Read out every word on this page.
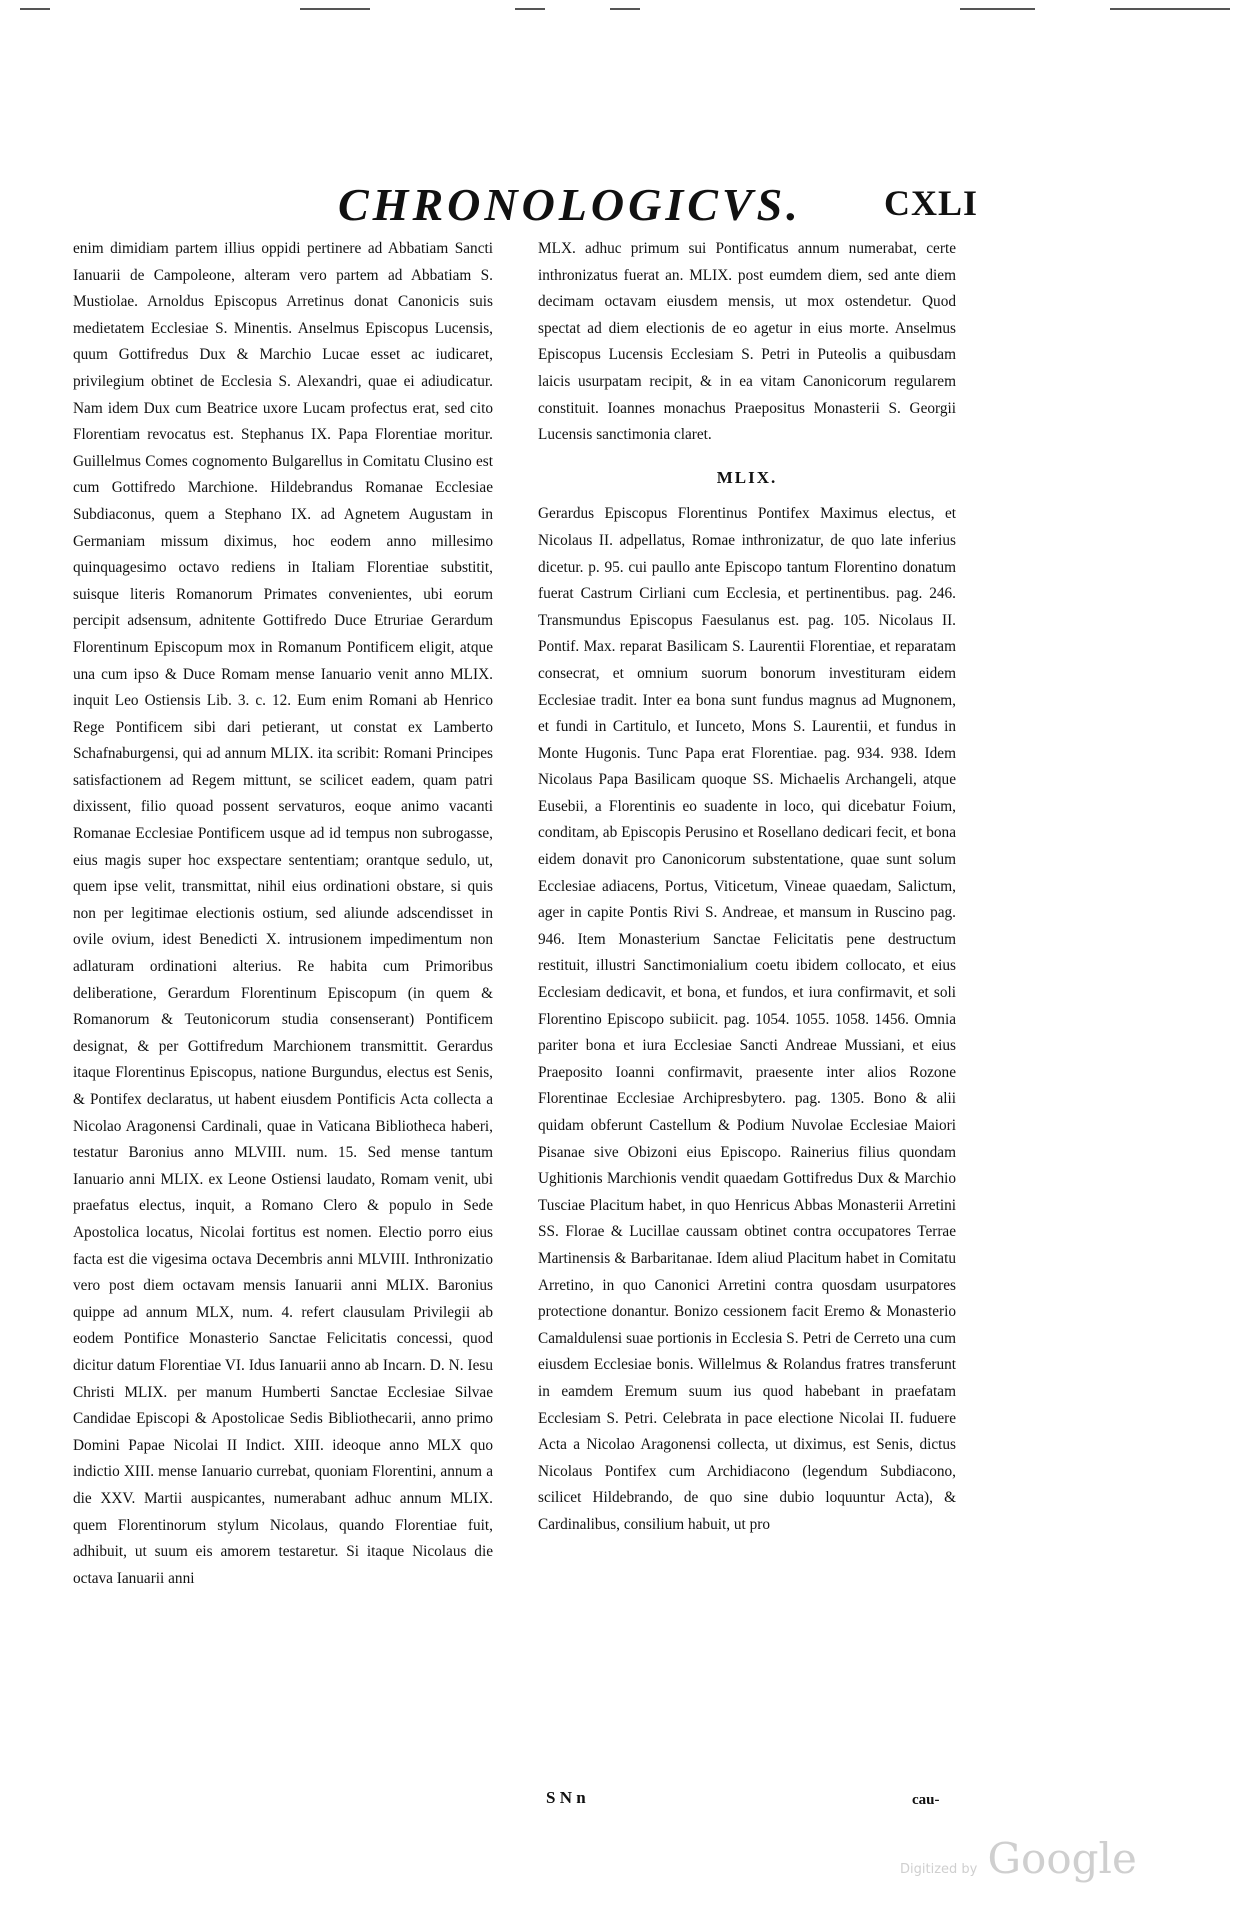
CHRONOLOGICVS.	CXLI

enim dimidiam partem illius oppidi pertinere ad Abbatiam Sancti Ianuarii de Campoleone, alteram vero partem ad Abbatiam S. Mustiolae. Arnoldus Episcopus Arretinus donat Canonicis suis medietatem Ecclesiae S. Minentis. Anselmus Episcopus Lucensis, quum Gottifredus Dux & Marchio Lucae esset ac iudicaret, privilegium obtinet de Ecclesia S. Alexandri, quae ei adiudicatur. Nam idem Dux cum Beatrice uxore Lucam profectus erat, sed cito Florentiam revocatus est. Stephanus IX. Papa Florentiae moritur. Guillelmus Comes cognomento Bulgarellus in Comitatu Clusino est cum Gottifredo Marchione. Hildebrandus Romanae Ecclesiae Subdiaconus, quem a Stephano IX. ad Agnetem Augustam in Germaniam missum diximus, hoc eodem anno millesimo quinquagesimo octavo rediens in Italiam Florentiae substitit, suisque literis Romanorum Primates convenientes, ubi eorum percipit adsensum, adnitente Gottifredo Duce Etruriae Gerardum Florentinum Episcopum mox in Romanum Pontificem eligit, atque una cum ipso & Duce Romam mense Ianuario venit anno MLIX. inquit Leo Ostiensis Lib. 3. c. 12. Eum enim Romani ab Henrico Rege Pontificem sibi dari petierant, ut constat ex Lamberto Schafnaburgensi, qui ad annum MLIX. ita scribit: Romani Principes satisfactionem ad Regem mittunt, se scilicet eadem, quam patri dixissent, filio quoad possent servaturos, eoque animo vacanti Romanae Ecclesiae Pontificem usque ad id tempus non subrogasse, eius magis super hoc exspectare sententiam; orantque sedulo, ut, quem ipse velit, transmittat, nihil eius ordinationi obstare, si quis non per legitimae electionis ostium, sed aliunde adscendisset in ovile ovium, idest Benedicti X. intrusionem impedimentum non adlaturam ordinationi alterius. Re habita cum Primoribus deliberatione, Gerardum Florentinum Episcopum (in quem & Romanorum & Teutonicorum studia consenserant) Pontificem designat, & per Gottifredum Marchionem transmittit. Gerardus itaque Florentinus Episcopus, natione Burgundus, electus est Senis, & Pontifex declaratus, ut habent eiusdem Pontificis Acta collecta a Nicolao Aragonensi Cardinali, quae in Vaticana Bibliotheca haberi, testatur Baronius anno MLVIII. num. 15. Sed mense tantum Ianuario anni MLIX. ex Leone Ostiensi laudato, Romam venit, ubi praefatus electus, inquit, a Romano Clero & populo in Sede Apostolica locatus, Nicolai fortitus est nomen. Electio porro eius facta est die vigesima octava Decembris anni MLVIII. Inthronizatio vero post diem octavam mensis Ianuarii anni MLIX. Baronius quippe ad annum MLX, num. 4. refert clausulam Privilegii ab eodem Pontifice Monasterio Sanctae Felicitatis concessi, quod dicitur datum Florentiae VI. Idus Ianuarii anno ab Incarn. D. N. Iesu Christi MLIX. per manum Humberti Sanctae Ecclesiae Silvae Candidae Episcopi & Apostolicae Sedis Bibliothecarii, anno primo Domini Papae Nicolai II Indict. XIII. ideoque anno MLX quo indictio XIII. mense Ianuario currebat, quoniam Florentini, annum a die XXV. Martii auspicantes, numerabant adhuc annum MLIX. quem Florentinorum stylum Nicolaus, quando Florentiae fuit, adhibuit, ut suum eis amorem testaretur. Si itaque Nicolaus die octava Ianuarii anni

MLX. adhuc primum sui Pontificatus annum numerabat, certe inthronizatus fuerat an. MLIX. post eumdem diem, sed ante diem decimam octavam eiusdem mensis, ut mox ostendetur. Quod spectat ad diem electionis de eo agetur in eius morte. Anselmus Episcopus Lucensis Ecclesiam S. Petri in Puteolis a quibusdam laicis usurpatam recipit, & in ea vitam Canonicorum regularem constituit. Ioannes monachus Praepositus Monasterii S. Georgii Lucensis sanctimonia claret.

MLIX.

Gerardus Episcopus Florentinus Pontifex Maximus electus, et Nicolaus II. adpellatus, Romae inthronizatur, de quo late inferius dicetur. p. 95. cui paullo ante Episcopo tantum Florentino donatum fuerat Castrum Cirliani cum Ecclesia, et pertinentibus. pag. 246. Transmundus Episcopus Faesulanus est. pag. 105. Nicolaus II. Pontif. Max. reparat Basilicam S. Laurentii Florentiae, et reparatam consecrat, et omnium suorum bonorum investituram eidem Ecclesiae tradit. Inter ea bona sunt fundus magnus ad Mugnonem, et fundi in Cartitulo, et Iunceto, Mons S. Laurentii, et fundus in Monte Hugonis. Tunc Papa erat Florentiae. pag. 934. 938. Idem Nicolaus Papa Basilicam quoque SS. Michaelis Archangeli, atque Eusebii, a Florentinis eo suadente in loco, qui dicebatur Foium, conditam, ab Episcopis Perusino et Rosellano dedicari fecit, et bona eidem donavit pro Canonicorum substentatione, quae sunt solum Ecclesiae adiacens, Portus, Viticetum, Vineae quaedam, Salictum, ager in capite Pontis Rivi S. Andreae, et mansum in Ruscino pag. 946. Item Monasterium Sanctae Felicitatis pene destructum restituit, illustri Sanctimonialium coetu ibidem collocato, et eius Ecclesiam dedicavit, et bona, et fundos, et iura confirmavit, et soli Florentino Episcopo subiicit. pag. 1054. 1055. 1058. 1456. Omnia pariter bona et iura Ecclesiae Sancti Andreae Mussiani, et eius Praeposito Ioanni confirmavit, praesente inter alios Rozone Florentinae Ecclesiae Archipresbytero. pag. 1305. Bono & alii quidam obferunt Castellum & Podium Nuvolae Ecclesiae Maiori Pisanae sive Obizoni eius Episcopo. Rainerius filius quondam Ughitionis Marchionis vendit quaedam Gottifredus Dux & Marchio Tusciae Placitum habet, in quo Henricus Abbas Monasterii Arretini SS. Florae & Lucillae caussam obtinet contra occupatores Terrae Martinensis & Barbaritanae. Idem aliud Placitum habet in Comitatu Arretino, in quo Canonici Arretini contra quosdam usurpatores protectione donantur. Bonizo cessionem facit Eremo & Monasterio Camaldulensi suae portionis in Ecclesia S. Petri de Cerreto una cum eiusdem Ecclesiae bonis. Willelmus & Rolandus fratres transferunt in eamdem Eremum suum ius quod habebant in praefatam Ecclesiam S. Petri. Celebrata in pace electione Nicolai II. fuduere Acta a Nicolao Aragonensi collecta, ut diximus, est Senis, dictus Nicolaus Pontifex cum Archidiacono (legendum Subdiacono, scilicet Hildebrando, de quo sine dubio loquuntur Acta), & Cardinalibus, consilium habuit, ut pro

S N n	cau-
Digitized by Google
